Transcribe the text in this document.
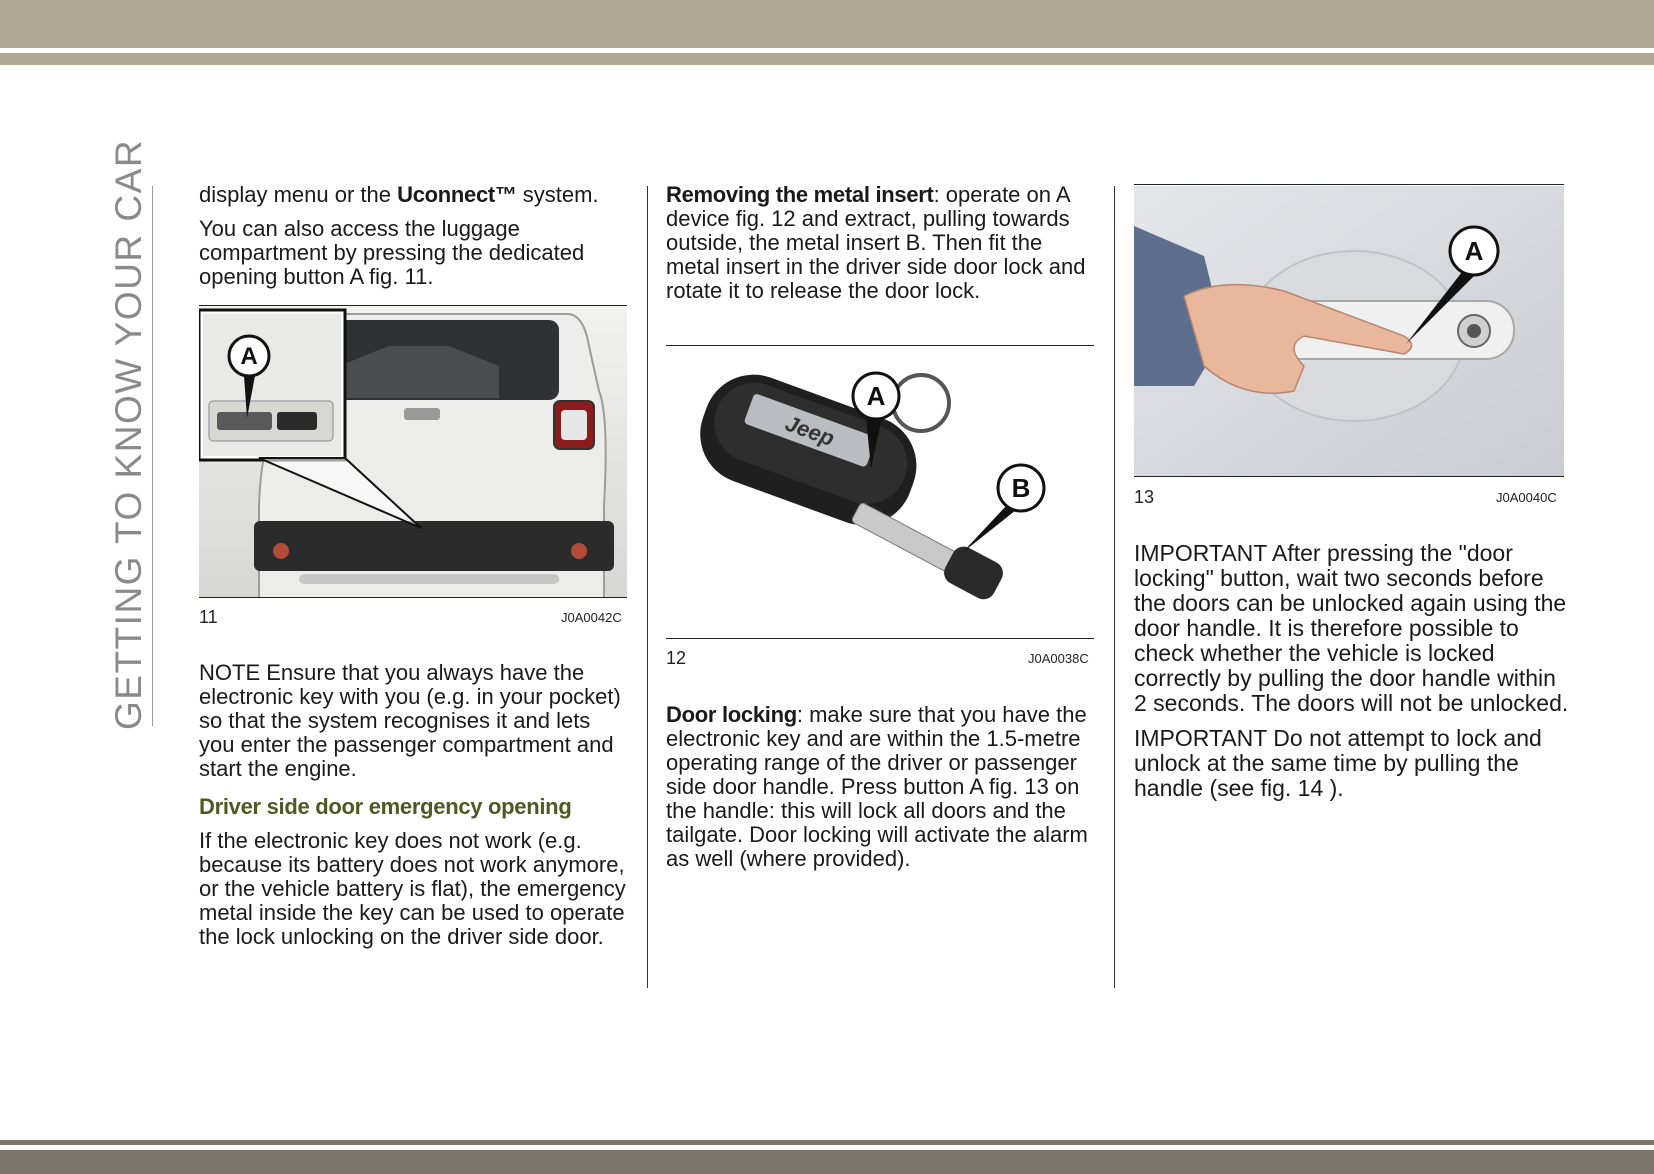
GETTING TO KNOW YOUR CAR display menu or the Uconnect™ system.

You can also access the luggage compartment by pressing the dedicated opening button A fig. 11.

A
11	J0A0042C

NOTE Ensure that you always have the electronic key with you (e.g. in your pocket) so that the system recognises it and lets you enter the passenger compartment and start the engine.

Driver side door emergency opening

If the electronic key does not work (e.g. because its battery does not work anymore, or the vehicle battery is flat), the emergency metal inside the key can be used to operate the lock unlocking on the driver side door.

Removing the metal insert: operate on A device fig. 12 and extract, pulling towards outside, the metal insert B. Then fit the metal insert in the driver side door lock and rotate it to release the door lock.

Jeep
A
B
12	J0A0038C

Door locking: make sure that you have the electronic key and are within the 1.5-metre operating range of the driver or passenger side door handle. Press button A fig. 13 on the handle: this will lock all doors and the tailgate. Door locking will activate the alarm as well (where provided).

A
13	J0A0040C

IMPORTANT After pressing the "door locking" button, wait two seconds before the doors can be unlocked again using the door handle. It is therefore possible to check whether the vehicle is locked correctly by pulling the door handle within 2 seconds. The doors will not be unlocked.

IMPORTANT Do not attempt to lock and unlock at the same time by pulling the handle (see fig. 14 ).
